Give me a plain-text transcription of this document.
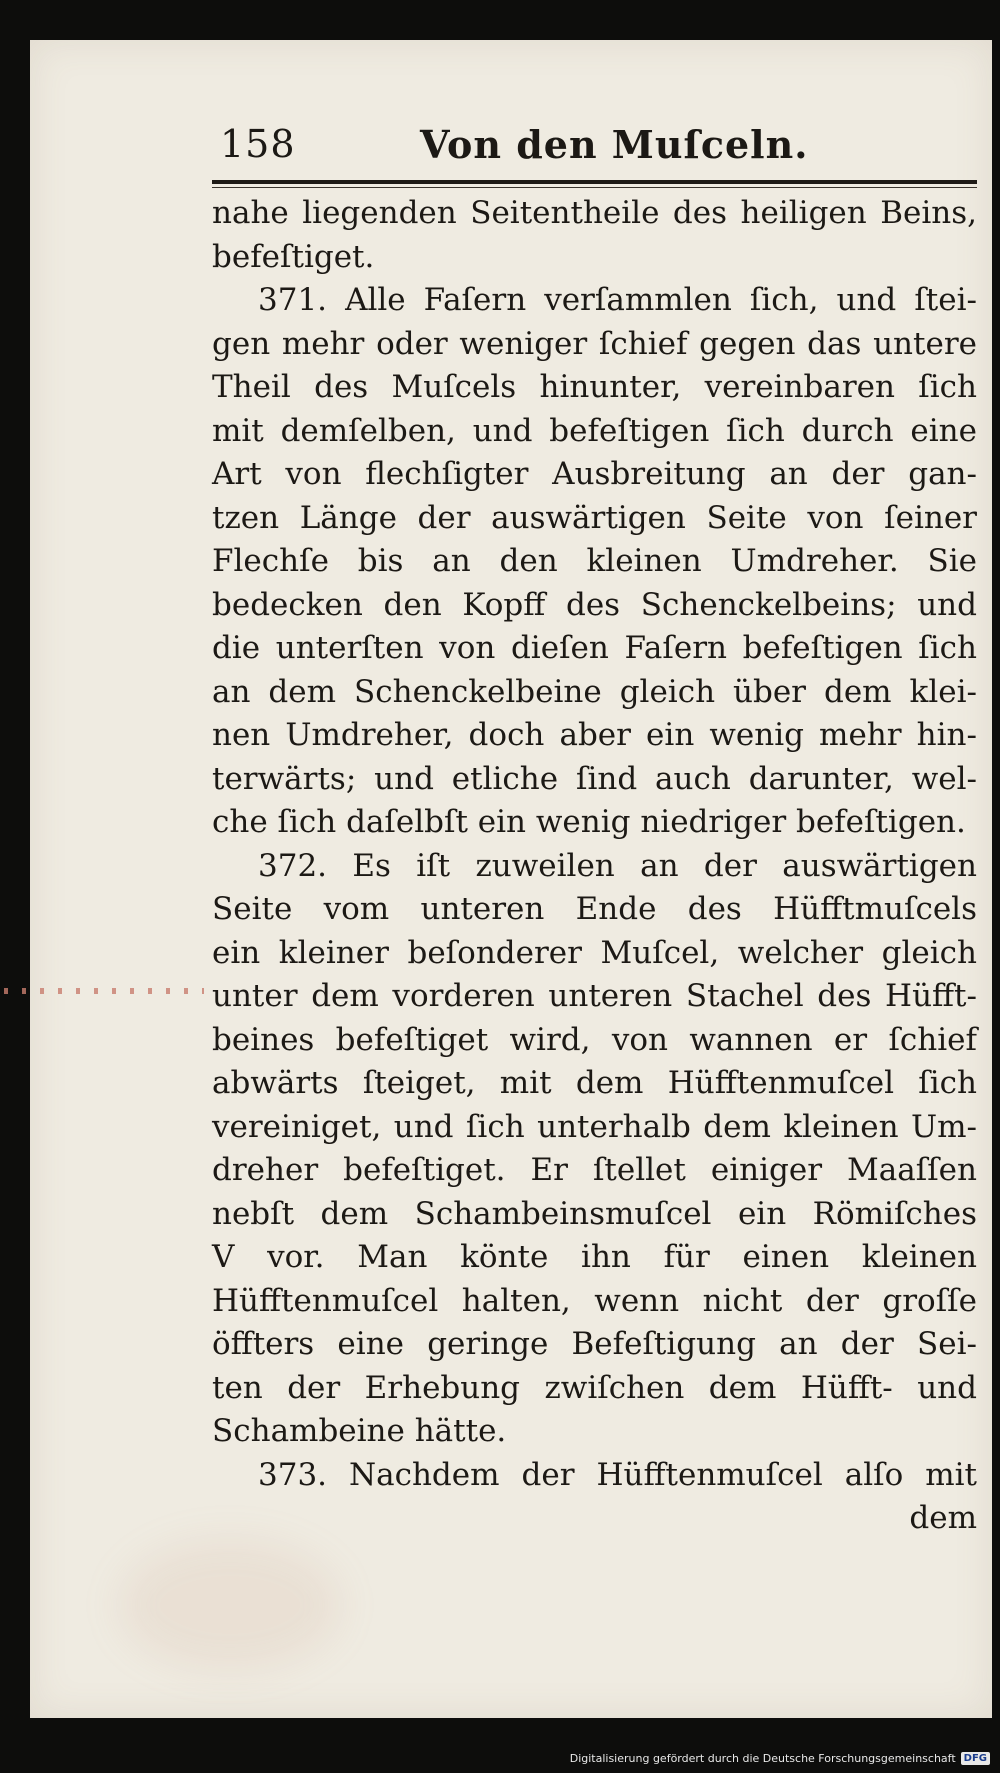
158	Von den Muſceln.
nahe liegenden Seitentheile des heiligen Beins,
befeſtiget.
371. Alle Faſern verſammlen ſich, und ſtei-
gen mehr oder weniger ſchief gegen das untere
Theil des Muſcels hinunter, vereinbaren ſich
mit demſelben, und befeſtigen ſich durch eine
Art von flechſigter Ausbreitung an der gan-
tzen Länge der auswärtigen Seite von ſeiner
Flechſe bis an den kleinen Umdreher. Sie
bedecken den Kopff des Schenckelbeins; und
die unterſten von dieſen Faſern befeſtigen ſich
an dem Schenckelbeine gleich über dem klei-
nen Umdreher, doch aber ein wenig mehr hin-
terwärts; und etliche ſind auch darunter, wel-
che ſich daſelbſt ein wenig niedriger befeſtigen.
372. Es iſt zuweilen an der auswärtigen
Seite vom unteren Ende des Hüfftmuſcels
ein kleiner beſonderer Muſcel, welcher gleich
unter dem vorderen unteren Stachel des Hüfft-
beines befeſtiget wird, von wannen er ſchief
abwärts ſteiget, mit dem Hüfftenmuſcel ſich
vereiniget, und ſich unterhalb dem kleinen Um-
dreher befeſtiget. Er ſtellet einiger Maaſſen
nebſt dem Schambeinsmuſcel ein Römiſches
V vor. Man könte ihn für einen kleinen
Hüfftenmuſcel halten, wenn nicht der groſſe
öffters eine geringe Befeſtigung an der Sei-
ten der Erhebung zwiſchen dem Hüfft- und
Schambeine hätte.
373. Nachdem der Hüfftenmuſcel alſo mit
dem
Digitalisierung gefördert durch die Deutsche Forschungsgemeinschaft DFG
